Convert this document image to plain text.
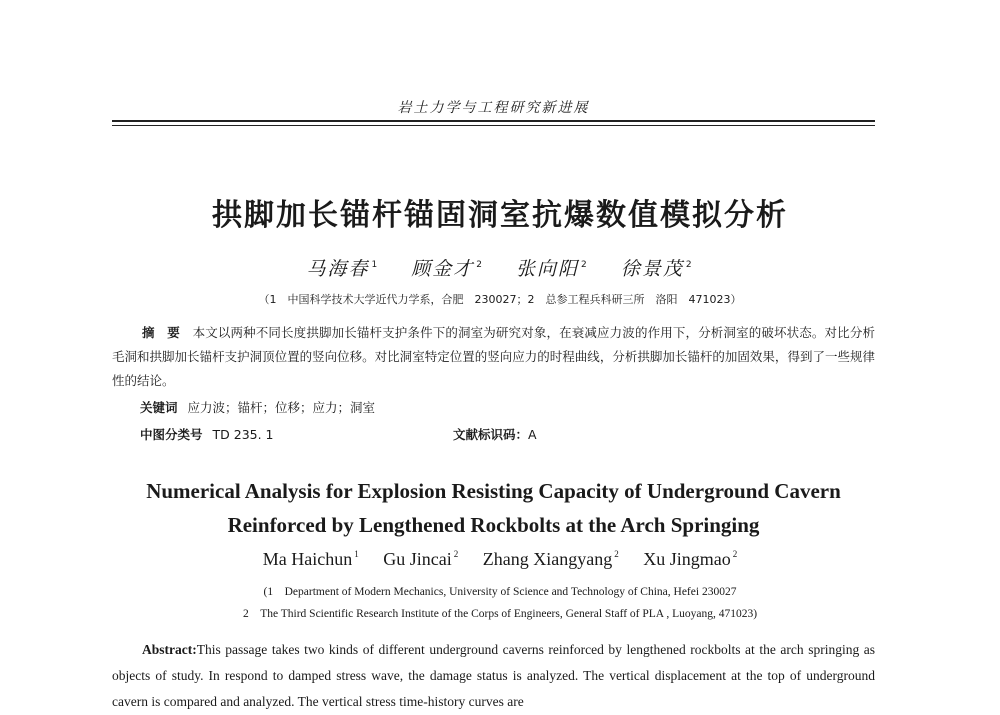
岩土力学与工程研究新进展
拱脚加长锚杆锚固洞室抗爆数值模拟分析
马海春 $^1$ 顾金才 $^2$ 张向阳 $^2$ 徐景茂 $^2$
（1　中国科学技术大学近代力学系，合肥　230027；2　总参工程兵科研三所　洛阳　471023）
摘　要　 本文以两种不同长度拱脚加长锚杆支护条件下的洞室为研究对象，在衰减应力波的作用下，分析洞室的破坏状态。对比分析毛洞和拱脚加长锚杆支护洞顶位置的竖向位移。对比洞室特定位置的竖向应力的时程曲线，分析拱脚加长锚杆的加固效果，得到了一些规律性的结论。
关键词 应力波；锚杆；位移；应力；洞室
中图分类号 TD 235. 1	文献标识码：A
Numerical Analysis for Explosion Resisting Capacity of Underground Cavern Reinforced by Lengthened Rockbolts at the Arch Springing
Ma Haichun $^1$ Gu Jincai $^2$ Zhang Xiangyang $^2$ Xu Jingmao $^2$
(1　Department of Modern Mechanics, University of Science and Technology of China, Hefei 230027
2　The Third Scientific Research Institute of the Corps of Engineers, General Staff of PLA , Luoyang, 471023)
Abstract:This passage takes two kinds of different underground caverns reinforced by lengthened rockbolts at the arch springing as objects of study. In respond to damped stress wave, the damage status is analyzed. The vertical displacement at the top of underground cavern is compared and analyzed. The vertical stress time-history curves are
